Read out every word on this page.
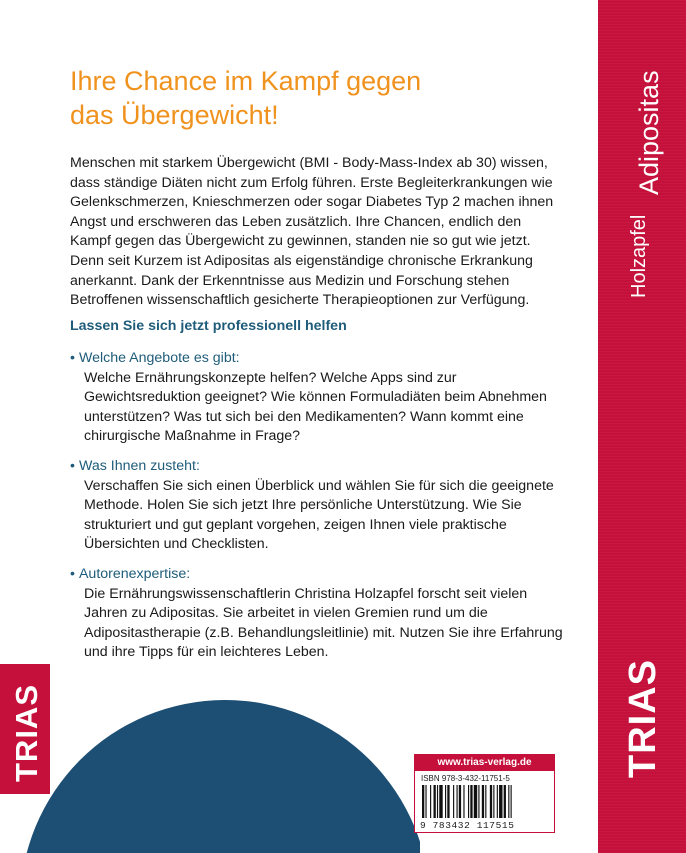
Ihre Chance im Kampf gegen
das Übergewicht!

Menschen mit starkem Übergewicht (BMI - Body-Mass-Index ab 30) wissen, dass ständige Diäten nicht zum Erfolg führen. Erste Begleiterkrankungen wie Gelenkschmerzen, Knieschmerzen oder sogar Diabetes Typ 2 machen ihnen Angst und erschweren das Leben zusätzlich. Ihre Chancen, endlich den Kampf gegen das Übergewicht zu gewinnen, standen nie so gut wie jetzt. Denn seit Kurzem ist Adipositas als eigenständige chronische Erkrankung anerkannt. Dank der Erkenntnisse aus Medizin und Forschung stehen Betroffenen wissenschaftlich gesicherte Therapieoptionen zur Verfügung.

Lassen Sie sich jetzt professionell helfen

• Welche Angebote es gibt:
Welche Ernährungskonzepte helfen? Welche Apps sind zur Gewichtsreduktion geeignet? Wie können Formuladiäten beim Abnehmen unterstützen? Was tut sich bei den Medikamenten? Wann kommt eine chirurgische Maßnahme in Frage?
• Was Ihnen zusteht:
Verschaffen Sie sich einen Überblick und wählen Sie für sich die geeignete Methode. Holen Sie sich jetzt Ihre persönliche Unterstützung. Wie Sie strukturiert und gut geplant vorgehen, zeigen Ihnen viele praktische Übersichten und Checklisten.
• Autorenexpertise:
Die Ernährungswissenschaftlerin Christina Holzapfel forscht seit vielen Jahren zu Adipositas. Sie arbeitet in vielen Gremien rund um die Adipositastherapie (z.B. Behandlungsleitlinie) mit. Nutzen Sie ihre Erfahrung und ihre Tipps für ein leichteres Leben.
TRIAS
Adipositas
Holzapfel
TRIAS
www.trias-verlag.de
ISBN 978-3-432-11751-5
9 783432 117515
